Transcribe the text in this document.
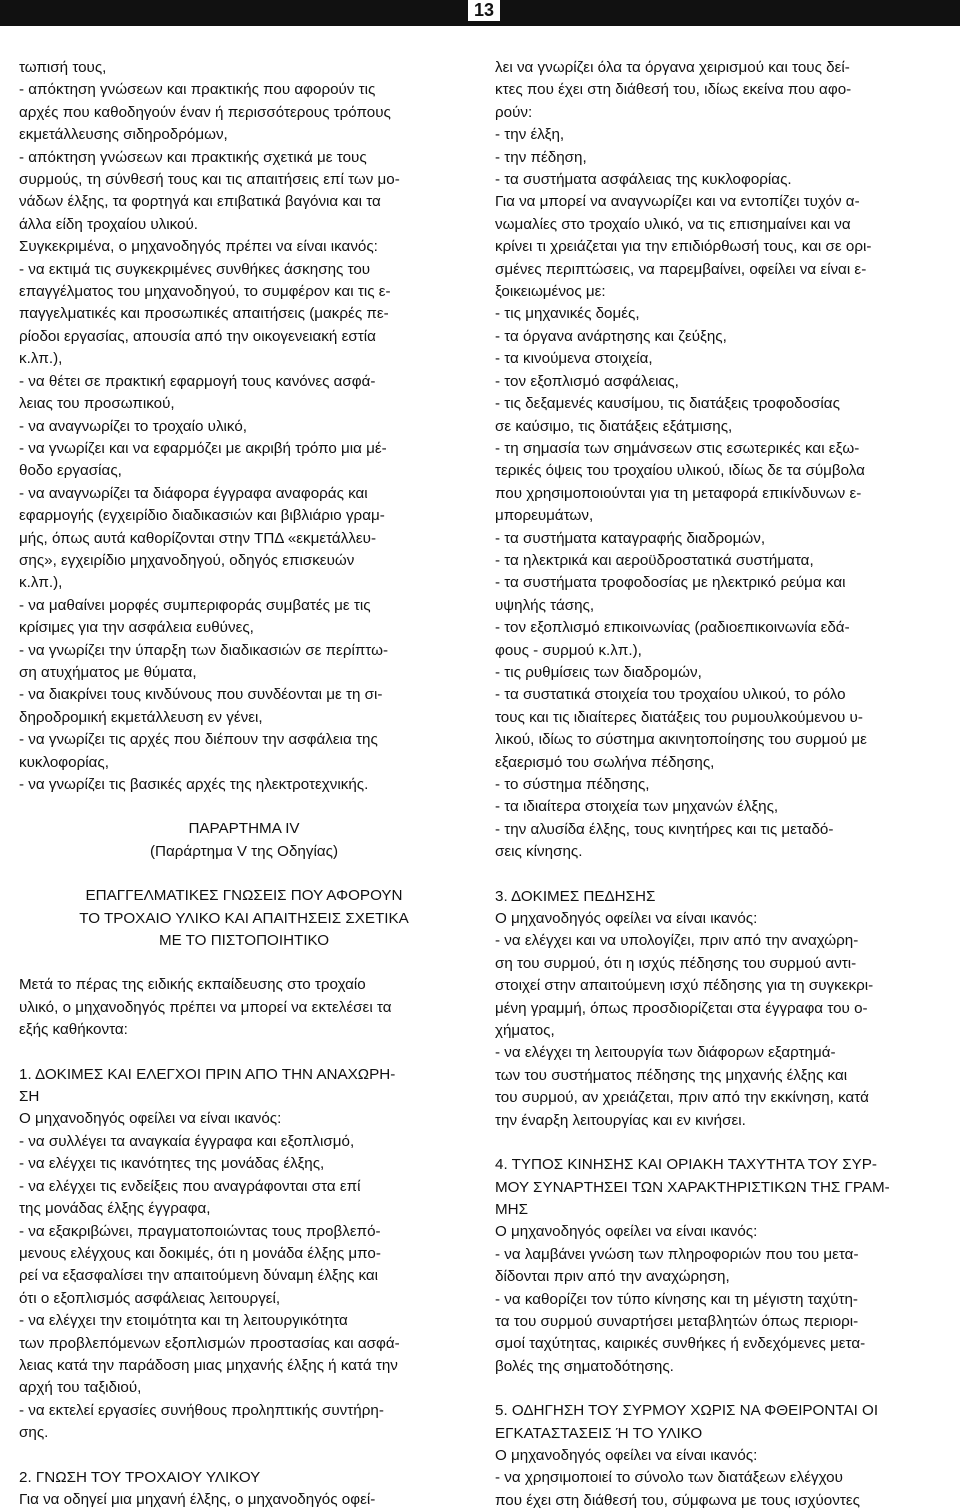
13
τωπισή τους,
- απόκτηση γνώσεων και πρακτικής που αφορούν τις
αρχές που καθοδηγούν έναν ή περισσότερους τρόπους
εκμετάλλευσης σιδηροδρόμων,
- απόκτηση γνώσεων και πρακτικής σχετικά με τους
συρμούς, τη σύνθεσή τους και τις απαιτήσεις επί των μο-
νάδων έλξης, τα φορτηγά και επιβατικά βαγόνια και τα
άλλα είδη τροχαίου υλικού.
Συγκεκριμένα, ο μηχανοδηγός πρέπει να είναι ικανός:
- να εκτιμά τις συγκεκριμένες συνθήκες άσκησης του
επαγγέλματος του μηχανοδηγού, το συμφέρον και τις ε-
παγγελματικές και προσωπικές απαιτήσεις (μακρές πε-
ρίοδοι εργασίας, απουσία από την οικογενειακή εστία
κ.λπ.),
- να θέτει σε πρακτική εφαρμογή τους κανόνες ασφά-
λειας του προσωπικού,
- να αναγνωρίζει το τροχαίο υλικό,
- να γνωρίζει και να εφαρμόζει με ακριβή τρόπο μια μέ-
θοδο εργασίας,
- να αναγνωρίζει τα διάφορα έγγραφα αναφοράς και
εφαρμογής (εγχειρίδιο διαδικασιών και βιβλιάριο γραμ-
μής, όπως αυτά καθορίζονται στην ΤΠΔ «εκμετάλλευ-
σης», εγχειρίδιο μηχανοδηγού, οδηγός επισκευών
κ.λπ.),
- να μαθαίνει μορφές συμπεριφοράς συμβατές με τις
κρίσιμες για την ασφάλεια ευθύνες,
- να γνωρίζει την ύπαρξη των διαδικασιών σε περίπτω-
ση ατυχήματος με θύματα,
- να διακρίνει τους κινδύνους που συνδέονται με τη σι-
δηροδρομική εκμετάλλευση εν γένει,
- να γνωρίζει τις αρχές που διέπουν την ασφάλεια της
κυκλοφορίας,
- να γνωρίζει τις βασικές αρχές της ηλεκτροτεχνικής.
ΠΑΡΑΡΤΗΜΑ IV
(Παράρτημα V της Οδηγίας)
ΕΠΑΓΓΕΛΜΑΤΙΚΕΣ ΓΝΩΣΕΙΣ ΠΟΥ ΑΦΟΡΟΥΝ
ΤΟ ΤΡΟΧΑΙΟ ΥΛΙΚΟ ΚΑΙ ΑΠΑΙΤΗΣΕΙΣ ΣΧΕΤΙΚΑ
ΜΕ ΤΟ ΠΙΣΤΟΠΟΙΗΤΙΚΟ
Μετά το πέρας της ειδικής εκπαίδευσης στο τροχαίο
υλικό, ο μηχανοδηγός πρέπει να μπορεί να εκτελέσει τα
εξής καθήκοντα:
1. ΔΟΚΙΜΕΣ ΚΑΙ ΕΛΕΓΧΟΙ ΠΡΙΝ ΑΠΟ ΤΗΝ ΑΝΑΧΩΡΗ-
ΣΗ
Ο μηχανοδηγός οφείλει να είναι ικανός:
- να συλλέγει τα αναγκαία έγγραφα και εξοπλισμό,
- να ελέγχει τις ικανότητες της μονάδας έλξης,
- να ελέγχει τις ενδείξεις που αναγράφονται στα επί
της μονάδας έλξης έγγραφα,
- να εξακριβώνει, πραγματοποιώντας τους προβλεπό-
μενους ελέγχους και δοκιμές, ότι η μονάδα έλξης μπο-
ρεί να εξασφαλίσει την απαιτούμενη δύναμη έλξης και
ότι ο εξοπλισμός ασφάλειας λειτουργεί,
- να ελέγχει την ετοιμότητα και τη λειτουργικότητα
των προβλεπόμενων εξοπλισμών προστασίας και ασφά-
λειας κατά την παράδοση μιας μηχανής έλξης ή κατά την
αρχή του ταξιδιού,
- να εκτελεί εργασίες συνήθους προληπτικής συντήρη-
σης.
2. ΓΝΩΣΗ ΤΟΥ ΤΡΟΧΑΙΟΥ ΥΛΙΚΟΥ
Για να οδηγεί μια μηχανή έλξης, ο μηχανοδηγός οφεί-
λει να γνωρίζει όλα τα όργανα χειρισμού και τους δεί-
κτες που έχει στη διάθεσή του, ιδίως εκείνα που αφο-
ρούν:
- την έλξη,
- την πέδηση,
- τα συστήματα ασφάλειας της κυκλοφορίας.
Για να μπορεί να αναγνωρίζει και να εντοπίζει τυχόν α-
νωμαλίες στο τροχαίο υλικό, να τις επισημαίνει και να
κρίνει τι χρειάζεται για την επιδιόρθωσή τους, και σε ορι-
σμένες περιπτώσεις, να παρεμβαίνει, οφείλει να είναι ε-
ξοικειωμένος με:
- τις μηχανικές δομές,
- τα όργανα ανάρτησης και ζεύξης,
- τα κινούμενα στοιχεία,
- τον εξοπλισμό ασφάλειας,
- τις δεξαμενές καυσίμου, τις διατάξεις τροφοδοσίας
σε καύσιμο, τις διατάξεις εξάτμισης,
- τη σημασία των σημάνσεων στις εσωτερικές και εξω-
τερικές όψεις του τροχαίου υλικού, ιδίως δε τα σύμβολα
που χρησιμοποιούνται για τη μεταφορά επικίνδυνων ε-
μπορευμάτων,
- τα συστήματα καταγραφής διαδρομών,
- τα ηλεκτρικά και αεροϋδροστατικά συστήματα,
- τα συστήματα τροφοδοσίας με ηλεκτρικό ρεύμα και
υψηλής τάσης,
- τον εξοπλισμό επικοινωνίας (ραδιοεπικοινωνία εδά-
φους - συρμού κ.λπ.),
- τις ρυθμίσεις των διαδρομών,
- τα συστατικά στοιχεία του τροχαίου υλικού, το ρόλο
τους και τις ιδιαίτερες διατάξεις του ρυμουλκούμενου υ-
λικού, ιδίως το σύστημα ακινητοποίησης του συρμού με
εξαερισμό του σωλήνα πέδησης,
- το σύστημα πέδησης,
- τα ιδιαίτερα στοιχεία των μηχανών έλξης,
- την αλυσίδα έλξης, τους κινητήρες και τις μεταδό-
σεις κίνησης.
3. ΔΟΚΙΜΕΣ ΠΕΔΗΣΗΣ
Ο μηχανοδηγός οφείλει να είναι ικανός:
- να ελέγχει και να υπολογίζει, πριν από την αναχώρη-
ση του συρμού, ότι η ισχύς πέδησης του συρμού αντι-
στοιχεί στην απαιτούμενη ισχύ πέδησης για τη συγκεκρι-
μένη γραμμή, όπως προσδιορίζεται στα έγγραφα του ο-
χήματος,
- να ελέγχει τη λειτουργία των διάφορων εξαρτημά-
των του συστήματος πέδησης της μηχανής έλξης και
του συρμού, αν χρειάζεται, πριν από την εκκίνηση, κατά
την έναρξη λειτουργίας και εν κινήσει.
4. ΤΥΠΟΣ ΚΙΝΗΣΗΣ ΚΑΙ ΟΡΙΑΚΗ ΤΑΧΥΤΗΤΑ ΤΟΥ ΣΥΡ-
ΜΟΥ ΣΥΝΑΡΤΗΣΕΙ ΤΩΝ ΧΑΡΑΚΤΗΡΙΣΤΙΚΩΝ ΤΗΣ ΓΡΑΜ-
ΜΗΣ
Ο μηχανοδηγός οφείλει να είναι ικανός:
- να λαμβάνει γνώση των πληροφοριών που του μετα-
δίδονται πριν από την αναχώρηση,
- να καθορίζει τον τύπο κίνησης και τη μέγιστη ταχύτη-
τα του συρμού συναρτήσει μεταβλητών όπως περιορι-
σμοί ταχύτητας, καιρικές συνθήκες ή ενδεχόμενες μετα-
βολές της σηματοδότησης.
5. ΟΔΗΓΗΣΗ ΤΟΥ ΣΥΡΜΟΥ ΧΩΡΙΣ ΝΑ ΦΘΕΙΡΟΝΤΑΙ ΟΙ
ΕΓΚΑΤΑΣΤΑΣΕΙΣ Ή ΤΟ ΥΛΙΚΟ
Ο μηχανοδηγός οφείλει να είναι ικανός:
- να χρησιμοποιεί το σύνολο των διατάξεων ελέγχου
που έχει στη διάθεσή του, σύμφωνα με τους ισχύοντες
